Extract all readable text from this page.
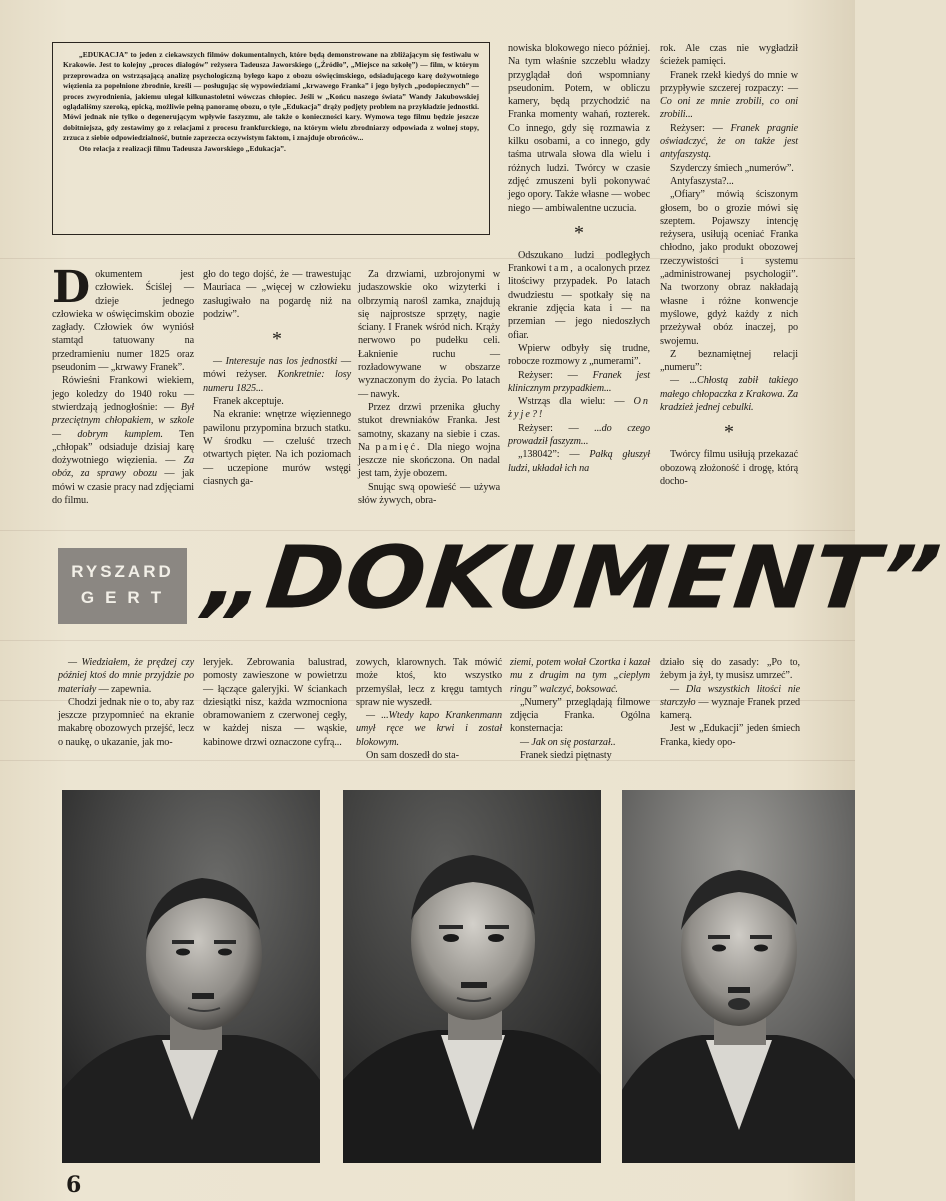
„EDUKACJA” to jeden z ciekawszych filmów dokumentalnych, które będą demonstrowane na zbliżającym się festiwalu w Krakowie. Jest to kolejny „proces dialogów” reżysera Tadeusza Jaworskiego („Źródło”, „Miejsce na szkołę”) — film, w którym przeprowadza on wstrząsającą analizę psychologiczną byłego kapo z obozu oświęcimskiego, odsiadującego karę dożywotniego więzienia za popełnione zbrodnie, kreśli — posługując się wypowiedziami „krwawego Franka” i jego byłych „podopiecznych” — proces zwyrodnienia, jakiemu ulegał kilkunastoletni wówczas chłopiec. Jeśli w „Końcu naszego świata” Wandy Jakubowskiej oglądaliśmy szeroką, epicką, możliwie pełną panoramę obozu, o tyle „Edukacja” drąży podjęty problem na przykładzie jednostki. Mówi jednak nie tylko o degenerującym wpływie faszyzmu, ale także o konieczności kary. Wymowa tego filmu będzie jeszcze dobitniejsza, gdy zestawimy go z relacjami z procesu frankfurckiego, na którym wielu zbrodniarzy odpowiada z wolnej stopy, zrzuca z siebie odpowiedzialność, butnie zaprzecza oczywistym faktom, i znajduje obrońców...

Oto relacja z realizacji filmu Tadeusza Jaworskiego „Edukacja”.

Dokumentem jest człowiek. Ściślej — dzieje jednego człowieka w oświęcimskim obozie zagłady. Człowiek ów wyniósł stamtąd tatuowany na przedramieniu numer 1825 oraz pseudonim — „krwawy Franek”.

Rówieśni Frankowi wiekiem, jego koledzy do 1940 roku — stwierdzają jednogłośnie: — Był przeciętnym chłopakiem, w szkole — dobrym kumplem. Ten „chłopak” odsiaduje dzisiaj karę dożywotniego więzienia. — Za obóz, za sprawy obozu — jak mówi w czasie pracy nad zdjęciami do filmu.

gło do tego dojść, że — trawestując Mauriaca — „więcej w człowieku zasługiwało na pogardę niż na podziw”.

*

— Interesuje nas los jednostki — mówi reżyser. Konkretnie: losy numeru 1825...

Franek akceptuje.

Na ekranie: wnętrze więziennego pawilonu przypomina brzuch statku. W środku — czeluść trzech otwartych pięter. Na ich poziomach — uczepione murów wstęgi ciasnych ga-

Za drzwiami, uzbrojonymi w judaszowskie oko wizyterki i olbrzymią narośl zamka, znajdują się najprostsze sprzęty, nagie ściany. I Franek wśród nich. Krąży nerwowo po pudełku celi. Łaknienie ruchu — rozładowywane w obszarze wyznaczonym do życia. Po latach — nawyk.

Przez drzwi przenika głuchy stukot drewniaków Franka. Jest samotny, skazany na siebie i czas. Na pamięć. Dla niego wojna jeszcze nie skończona. On nadal jest tam, żyje obozem.

Snując swą opowieść — używa słów żywych, obra-

nowiska blokowego nieco później. Na tym właśnie szczeblu władzy przyglądał doń wspomniany pseudonim. Potem, w obliczu kamery, będą przychodzić na Franka momenty wahań, rozterek. Co innego, gdy się rozmawia z kilku osobami, a co innego, gdy taśma utrwala słowa dla wielu i różnych ludzi. Twórcy w czasie zdjęć zmuszeni byli pokonywać jego opory. Także własne — wobec niego — ambiwalentne uczucia.

*

Odszukano ludzi podległych Frankowi tam, a ocalonych przez litościwy przypadek. Po latach dwudziestu — spotkały się na ekranie zdjęcia kata i — na przemian — jego niedoszłych ofiar.

Wpierw odbyły się trudne, robocze rozmowy z „numerami”.

Reżyser: — Franek jest klinicznym przypadkiem...

Wstrząs dla wielu: — On żyje?!

Reżyser: — ...do czego prowadził faszyzm...

„138042”: — Pałką głuszył ludzi, układał ich na

rok. Ale czas nie wygładził ścieżek pamięci.

Franek rzekł kiedyś do mnie w przypływie szczerej rozpaczy: — Co oni ze mnie zrobili, co oni zrobili...

Reżyser: — Franek pragnie oświadczyć, że on także jest antyfaszystą.

Szyderczy śmiech „numerów”.

Antyfaszysta?...

„Ofiary” mówią ściszonym głosem, bo o grozie mówi się szeptem. Pojawszy intencję reżysera, usiłują oceniać Franka chłodno, jako produkt obozowej rzeczywistości i systemu „administrowanej psychologii”. Na tworzony obraz nakładają własne i różne konwencje myślowe, gdyż każdy z nich przeżywał obóz inaczej, po swojemu.

Z beznamiętnej relacji „numeru”:

— ...Chłostą zabił takiego małego chłopaczka z Krakowa. Za kradzież jednej cebulki.

*

Twórcy filmu usiłują przekazać obozową złożoność i drogę, którą docho-

RYSZARD
GERT „DOKUMENT”

— Wiedziałem, że prędzej czy później ktoś do mnie przyjdzie po materiały — zapewnia.

Chodzi jednak nie o to, aby raz jeszcze przypomnieć na ekranie makabrę obozowych przejść, lecz o naukę, o ukazanie, jak mo-

leryjek. Zebrowania balustrad, pomosty zawieszone w powietrzu — łączące galeryjki. W ściankach dziesiątki nisz, każda wzmocniona obramowaniem z czerwonej cegły, w każdej nisza — wąskie, kabinowe drzwi oznaczone cyfrą...

zowych, klarownych. Tak mówić może ktoś, kto wszystko przemyślał, lecz z kręgu tamtych spraw nie wyszedł.

— ...Wtedy kapo Krankenmann umył ręce we krwi i został blokowym.

On sam doszedł do sta-

ziemi, potem wołał Czortka i kazał mu z drugim na tym „cieplym ringu” walczyć, boksować.

„Numery” przeglądają filmowe zdjęcia Franka. Ogólna konsternacja:

— Jak on się postarzał..

Franek siedzi piętnasty

działo się do zasady: „Po to, żebym ja żył, ty musisz umrzeć”.

— Dla wszystkich litości nie starczyło — wyznaje Franek przed kamerą.

Jest w „Edukacji” jeden śmiech Franka, kiedy opo-

6
